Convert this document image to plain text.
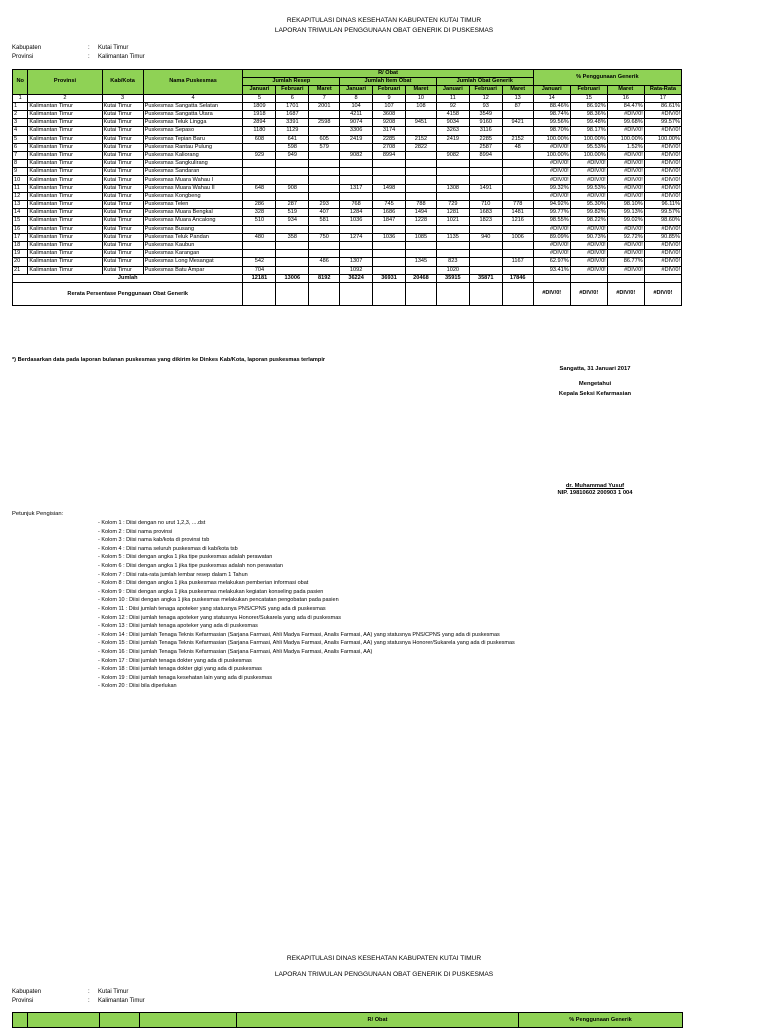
REKAPITULASI DINAS KESEHATAN KABUPATEN KUTAI TIMUR
LAPORAN TRIWULAN PENGGUNAAN OBAT GENERIK DI PUSKESMAS
Kabupaten	: Kutai Timur
Provinsi	: Kalimantan Timur
No	Provinsi	Kab/Kota	Nama Puskesmas	R/ Obat									% Penggunaan Generik			
				Jumlah Resep			Jumlah Item Obat			Jumlah Obat Generik						
				Januari	Februari	Maret	Januari	Februari	Maret	Januari	Februari	Maret	Januari	Februari	Maret	Rata-Rata
1	2	3	4	5	6	7	8	9	10	11	12	13	14	15	16	17
1	Kalimantan Timur	Kutai Timur	Puskesmas Sangatta Selatan	1809	1701	2001	104	107	108	92	93	87	88.46%	86.92%	84.47%	86.61%
2	Kalimantan Timur	Kutai Timur	Puskesmas Sangatta Utara	1918	1687		4211	3608		4158	3549		98.74%	98.36%	#DIV/0!	#DIV/0!
3	Kalimantan Timur	Kutai Timur	Puskesmas Teluk Lingga	2894	3391	2598	9074	9208	9451	9034	9160	9421	99.56%	99.48%	99.68%	99.57%
4	Kalimantan Timur	Kutai Timur	Puskesmas Sepaso	1180	1129		3306	3174		3263	3116		98.70%	98.17%	#DIV/0!	#DIV/0!
5	Kalimantan Timur	Kutai Timur	Puskesmas Tepian Baru	608	641	605	2419	2285	2152	2419	2285	2152	100.00%	100.00%	100.00%	100.00%
6	Kalimantan Timur	Kutai Timur	Puskesmas Rantau Pulung		598	579		2708	2822		2587	48	#DIV/0!	95.53%	1.52%	#DIV/0!
7	Kalimantan Timur	Kutai Timur	Puskesmas Kaliorang	929	949		9082	8994		9082	8994		100.00%	100.00%	#DIV/0!	#DIV/0!
8	Kalimantan Timur	Kutai Timur	Puskesmas Sangkulirang										#DIV/0!	#DIV/0!	#DIV/0!	#DIV/0!
9	Kalimantan Timur	Kutai Timur	Puskesmas Sandaran										#DIV/0!	#DIV/0!	#DIV/0!	#DIV/0!
10	Kalimantan Timur	Kutai Timur	Puskesmas Muara Wahau I										#DIV/0!	#DIV/0!	#DIV/0!	#DIV/0!
11	Kalimantan Timur	Kutai Timur	Puskesmas Muara Wahau II	648	908		1317	1498		1308	1491		99.32%	99.53%	#DIV/0!	#DIV/0!
12	Kalimantan Timur	Kutai Timur	Puskesmas Kongbeng										#DIV/0!	#DIV/0!	#DIV/0!	#DIV/0!
13	Kalimantan Timur	Kutai Timur	Puskesmas Telen	286	287	293	768	745	788	729	710	778	94.92%	95.30%	98.10%	96.11%
14	Kalimantan Timur	Kutai Timur	Puskesmas Muara Bengkal	328	519	407	1284	1686	1494	1281	1683	1481	99.77%	99.82%	99.13%	99.57%
15	Kalimantan Timur	Kutai Timur	Puskesmas Muara Ancalong	510	934	581	1036	1847	1228	1021	1823	1216	98.55%	98.22%	99.02%	98.60%
16	Kalimantan Timur	Kutai Timur	Puskesmas Busang										#DIV/0!	#DIV/0!	#DIV/0!	#DIV/0!
17	Kalimantan Timur	Kutai Timur	Puskesmas Teluk Pandan	480	358	750	1274	1036	1085	1135	940	1006	89.09%	90.73%	92.72%	90.85%
18	Kalimantan Timur	Kutai Timur	Puskesmas Kaubun										#DIV/0!	#DIV/0!	#DIV/0!	#DIV/0!
19	Kalimantan Timur	Kutai Timur	Puskesmas Karangan										#DIV/0!	#DIV/0!	#DIV/0!	#DIV/0!
20	Kalimantan Timur	Kutai Timur	Puskesmas Long Mesangat	542		486	1307		1345	823		1167	62.97%	#DIV/0!	86.77%	#DIV/0!
21	Kalimantan Timur	Kutai Timur	Puskesmas Batu Ampar	704			1092			1020			93.41%	#DIV/0!	#DIV/0!	#DIV/0!
Jumlah				12181	13006	8192	36224	36931	20468	35915	35871	17846				
Rerata Persentase Penggunaan Obat Generik													#DIV/0!	#DIV/0!	#DIV/0!	#DIV/0!
*) Berdasarkan data pada laporan bulanan puskesmas yang dikirim ke Dinkes Kab/Kota, laporan puskesmas terlampir
Sangatta, 31 Januari 2017
Mengetahui
Kepala Seksi Kefarmasian
dr. Muhammad Yusuf
NIP. 19810602 200903 1 004
Petunjuk Pengisian:
- Kolom 1 : Diisi dengan no urut 1,2,3, ....dst
- Kolom 2 : Diisi nama provinsi
- Kolom 3 : Diisi nama kab/kota di provinsi tsb
- Kolom 4 : Diisi nama seluruh puskesmas di kab/kota tsb
- Kolom 5 : Diisi dengan angka 1 jika tipe puskesmas adalah perawatan
- Kolom 6 : Diisi dengan angka 1 jika tipe puskesmas adalah non perawatan
- Kolom 7 : Diisi rata-rata jumlah lembar resep dalam 1 Tahun
- Kolom 8 : Diisi dengan angka 1 jika puskesmas melakukan pemberian informasi obat
- Kolom 9 : Diisi dengan angka 1 jika puskesmas melakukan kegiatan konseling pada pasien
- Kolom 10 : Diisi dengan angka 1 jika puskesmas melakukan pencatatan pengobatan pada pasien
- Kolom 11 : Diisi jumlah tenaga apoteker yang statusnya PNS/CPNS yang ada di puskesmas
- Kolom 12 : Diisi jumlah tenaga apoteker yang statusnya Honorer/Sukarela yang ada di puskesmas
- Kolom 13 : Diisi jumlah tenaga apoteker yang ada di puskesmas
- Kolom 14 : Diisi jumlah Tenaga Teknis Kefarmasian (Sarjana Farmasi, Ahli Madya Farmasi, Analis Farmasi, AA) yang statusnya PNS/CPNS yang ada di puskesmas
- Kolom 15 : Diisi jumlah Tenaga Teknis Kefarmasian (Sarjana Farmasi, Ahli Madya Farmasi, Analis Farmasi, AA) yang statusnya Honorer/Sukarela yang ada di puskesmas
- Kolom 16 : Diisi jumlah Tenaga Teknis Kefarmasian (Sarjana Farmasi, Ahli Madya Farmasi, Analis Farmasi, AA)
- Kolom 17 : Diisi jumlah tenaga dokter yang ada di puskesmas
- Kolom 18 : Diisi jumlah tenaga dokter gigi yang ada di puskesmas
- Kolom 19 : Diisi jumlah tenaga kesehatan lain yang ada di puskesmas
- Kolom 20 : Diisi bila diperlukan
REKAPITULASI DINAS KESEHATAN KABUPATEN KUTAI TIMUR
LAPORAN TRIWULAN PENGGUNAAN OBAT GENERIK DI PUSKESMAS
Kabupaten	: Kutai Timur
Provinsi	: Kalimantan Timur
				R/ Obat	% Penggunaan Generik
